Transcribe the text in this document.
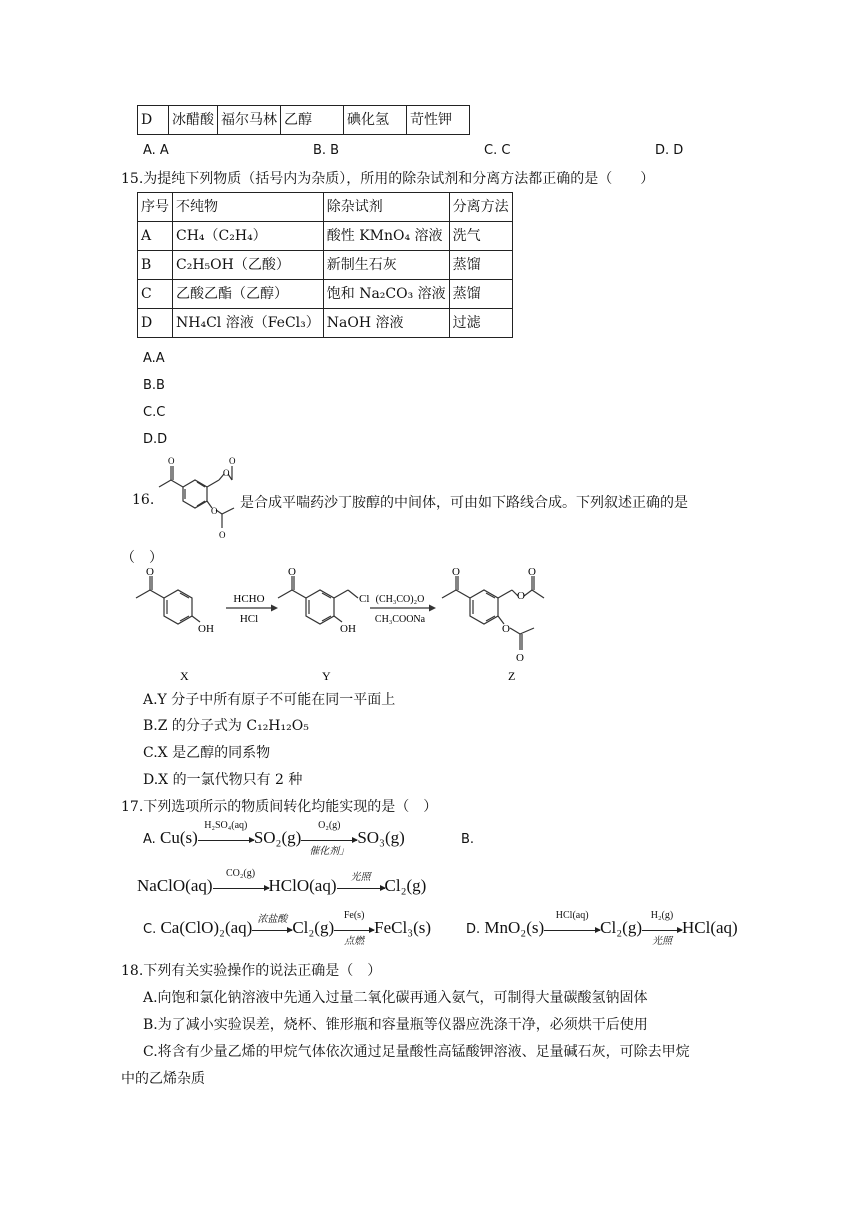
D	冰醋酸	福尔马林	乙醇	碘化氢	苛性钾
A. A	B. B	C. C	D. D
15.为提纯下列物质（括号内为杂质），所用的除杂试剂和分离方法都正确的是（　　）
序号	不纯物	除杂试剂	分离方法
A	CH₄（C₂H₄）	酸性 KMnO₄ 溶液	洗气
B	C₂H₅OH（乙酸）	新制生石灰	蒸馏
C	乙酸乙酯（乙醇）	饱和 Na₂CO₃ 溶液	蒸馏
D	NH₄Cl 溶液（FeCl₃）	NaOH 溶液	过滤
A.A
B.B
C.C
D.D
16.
O
O
O
O
O
是合成平喘药沙丁胺醇的中间体，可由如下路线合成。下列叙述正确的是
（　）
O
OH
O
Cl
OH
O
O
O
O
O
HCHO
HCl
(CH₃CO)₂O
CH₃COONa
X	Y	Z
A.Y 分子中所有原子不可能在同一平面上
B.Z 的分子式为 C₁₂H₁₂O₅
C.X 是乙醇的同系物
D.X 的一氯代物只有 2 种
17.下列选项所示的物质间转化均能实现的是（　）
A. Cu(s)
H₂SO₄(aq)
SO₂(g)
O₂(g)
催化剂」
SO₃(g)	B.
NaClO(aq)
CO₂(g)
HClO(aq)	光照 Cl₂(g)
C. Ca(ClO)₂(aq) 浓盐酸 Cl₂(g)
Fe(s)
点燃
FeCl₃(s)	D. MnO₂(s)
HCl(aq)
Cl₂(g)
H₂(g)
光照
HCl(aq)
18.下列有关实验操作的说法正确是（　）
A.向饱和氯化钠溶液中先通入过量二氧化碳再通入氨气，可制得大量碳酸氢钠固体
B.为了减小实验误差，烧杯、锥形瓶和容量瓶等仪器应洗涤干净，必须烘干后使用
C.将含有少量乙烯的甲烷气体依次通过足量酸性高锰酸钾溶液、足量碱石灰，可除去甲烷
中的乙烯杂质
